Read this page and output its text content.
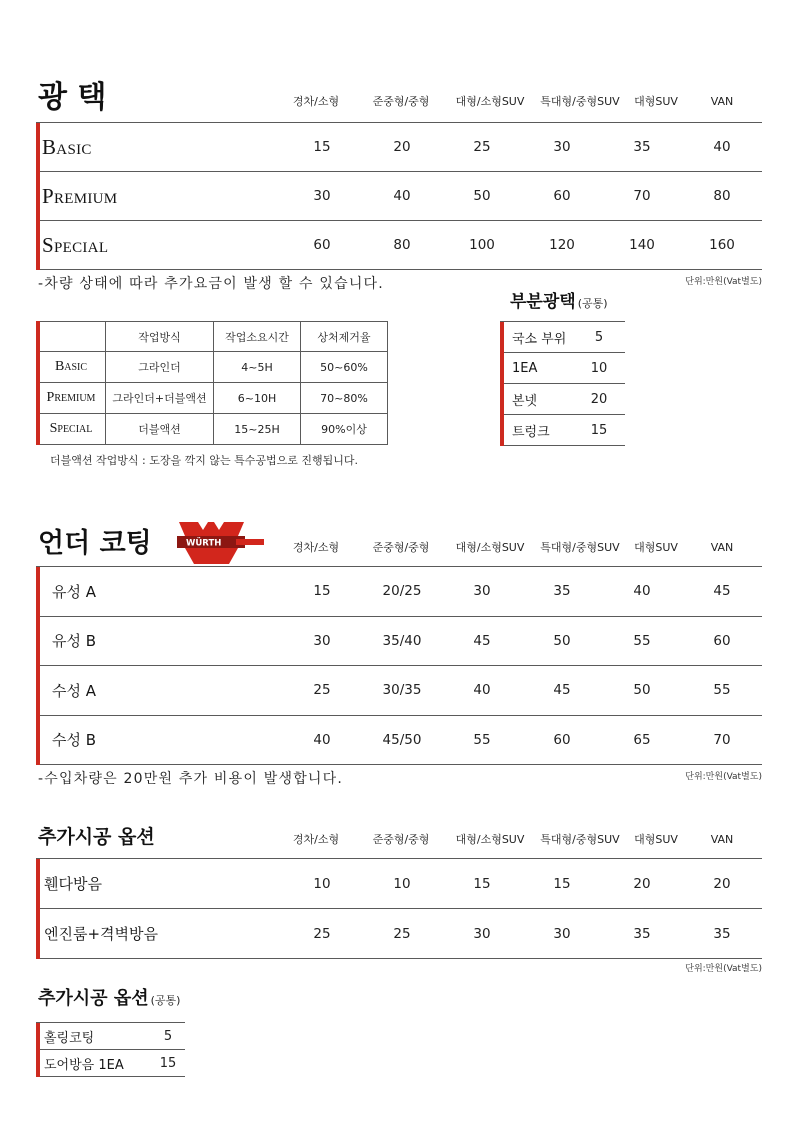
광 택	경차/소형	준중형/중형	대형/소형SUV	특대형/중형SUV	대형SUV	VAN
Basic	15	20	25	30	35	40
Premium	30	40	50	60	70	80
Special	60	80	100	120	140	160
-차량 상태에 따라 추가요금이 발생 할 수 있습니다.	단위:만원(Vat별도)
부분광택 (공통)
	작업방식	작업소요시간	상처제거율
Basic	그라인더	4~5H	50~60%
Premium	그라인더+더블액션	6~10H	70~80%
Special	더블액션	15~25H	90%이상
더블액션 작업방식 : 도장을 깍지 않는 특수공법으로 진행됩니다.
국소 부위	5
1EA	10
본넷	20
트렁크	15
언더 코팅	WÜRTH	경차/소형	준중형/중형	대형/소형SUV	특대형/중형SUV	대형SUV	VAN
유성 A	15	20/25	30	35	40	45
유성 B	30	35/40	45	50	55	60
수성 A	25	30/35	40	45	50	55
수성 B	40	45/50	55	60	65	70
-수입차량은 20만원 추가 비용이 발생합니다.	단위:만원(Vat별도)
추가시공 옵션	경차/소형	준중형/중형	대형/소형SUV	특대형/중형SUV	대형SUV	VAN
휀다방음	10	10	15	15	20	20
엔진룸+격벽방음	25	25	30	30	35	35
단위:만원(Vat별도)
추가시공 옵션 (공통)
홀링코팅	5
도어방음 1EA	15
